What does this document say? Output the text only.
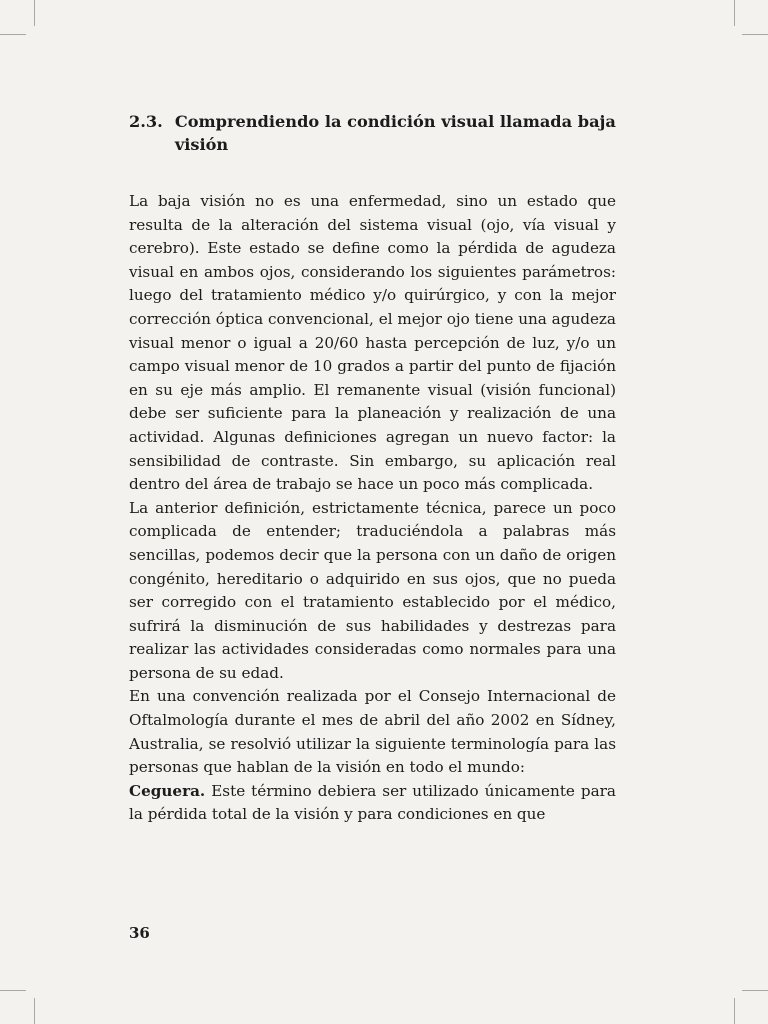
2.3. Comprendiendo la condición visual llamada baja visión

La baja visión no es una enfermedad, sino un estado que resulta de la alteración del sistema visual (ojo, vía visual y cerebro). Este estado se define como la pérdida de agudeza visual en ambos ojos, considerando los siguientes parámetros: luego del tratamiento médico y/o quirúrgico, y con la mejor corrección óptica convencional, el mejor ojo tiene una agudeza visual menor o igual a 20/60 hasta percepción de luz, y/o un campo visual menor de 10 grados a partir del punto de fijación en su eje más amplio. El remanente visual (visión funcional) debe ser suficiente para la planeación y realización de una actividad. Algunas definiciones agregan un nuevo factor: la sensibilidad de contraste. Sin embargo, su aplicación real dentro del área de trabajo se hace un poco más complicada.

La anterior definición, estrictamente técnica, parece un poco complicada de entender; traduciéndola a palabras más sencillas, podemos decir que la persona con un daño de origen congénito, hereditario o adquirido en sus ojos, que no pueda ser corregido con el tratamiento establecido por el médico, sufrirá la disminución de sus habilidades y destrezas para realizar las actividades consideradas como normales para una persona de su edad.

En una convención realizada por el Consejo Internacional de Oftalmología durante el mes de abril del año 2002 en Sídney, Australia, se resolvió utilizar la siguiente terminología para las personas que hablan de la visión en todo el mundo:

Ceguera. Este término debiera ser utilizado únicamente para la pérdida total de la visión y para condiciones en que

36
